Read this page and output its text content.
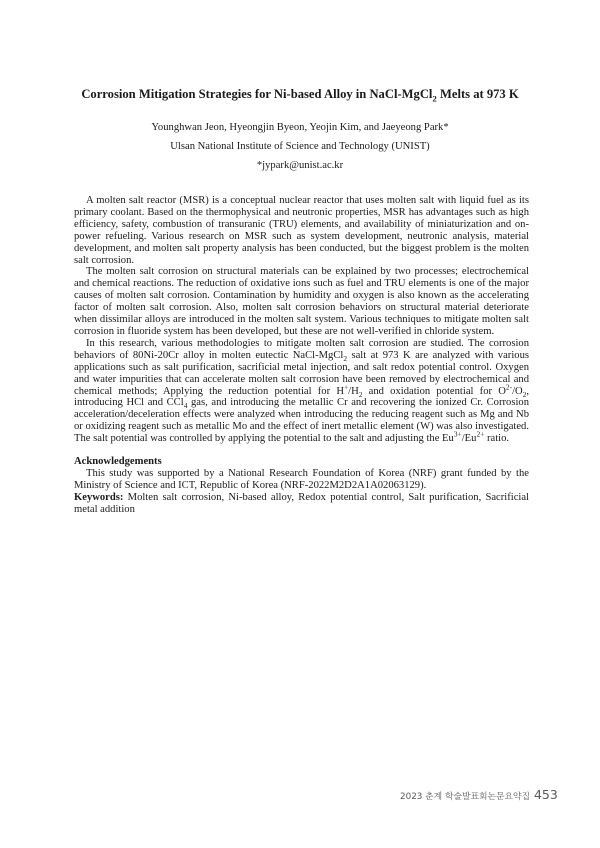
Corrosion Mitigation Strategies for Ni-based Alloy in NaCl-MgCl$_2$ Melts at 973 K
Younghwan Jeon, Hyeongjin Byeon, Yeojin Kim, and Jaeyeong Park*
Ulsan National Institute of Science and Technology (UNIST)
*jypark@unist.ac.kr

A molten salt reactor (MSR) is a conceptual nuclear reactor that uses molten salt with liquid fuel as its primary coolant. Based on the thermophysical and neutronic properties, MSR has advantages such as high efficiency, safety, combustion of transuranic (TRU) elements, and availability of miniaturization and on-power refueling. Various research on MSR such as system development, neutronic analysis, material development, and molten salt property analysis has been conducted, but the biggest problem is the molten salt corrosion.

The molten salt corrosion on structural materials can be explained by two processes; electrochemical and chemical reactions. The reduction of oxidative ions such as fuel and TRU elements is one of the major causes of molten salt corrosion. Contamination by humidity and oxygen is also known as the accelerating factor of molten salt corrosion. Also, molten salt corrosion behaviors on structural material deteriorate when dissimilar alloys are introduced in the molten salt system. Various techniques to mitigate molten salt corrosion in fluoride system has been developed, but these are not well-verified in chloride system.

In this research, various methodologies to mitigate molten salt corrosion are studied. The corrosion behaviors of 80Ni-20Cr alloy in molten eutectic NaCl-MgCl$_2$ salt at 973 K are analyzed with various applications such as salt purification, sacrificial metal injection, and salt redox potential control. Oxygen and water impurities that can accelerate molten salt corrosion have been removed by electrochemical and chemical methods; Applying the reduction potential for $H^+/H_2$ and oxidation potential for $O^{2-}/O_2$, introducing HCl and CCl$_4$ gas, and introducing the metallic Cr and recovering the ionized Cr. Corrosion acceleration/deceleration effects were analyzed when introducing the reducing reagent such as Mg and Nb or oxidizing reagent such as metallic Mo and the effect of inert metallic element (W) was also investigated. The salt potential was controlled by applying the potential to the salt and adjusting the $Eu^{3+}/Eu^{2+}$ ratio.

Acknowledgements

This study was supported by a National Research Foundation of Korea (NRF) grant funded by the Ministry of Science and ICT, Republic of Korea (NRF-2022M2D2A1A02063129).

Keywords: Molten salt corrosion, Ni-based alloy, Redox potential control, Salt purification, Sacrificial metal addition

2023 춘계 학술발표회논문요약집 453
